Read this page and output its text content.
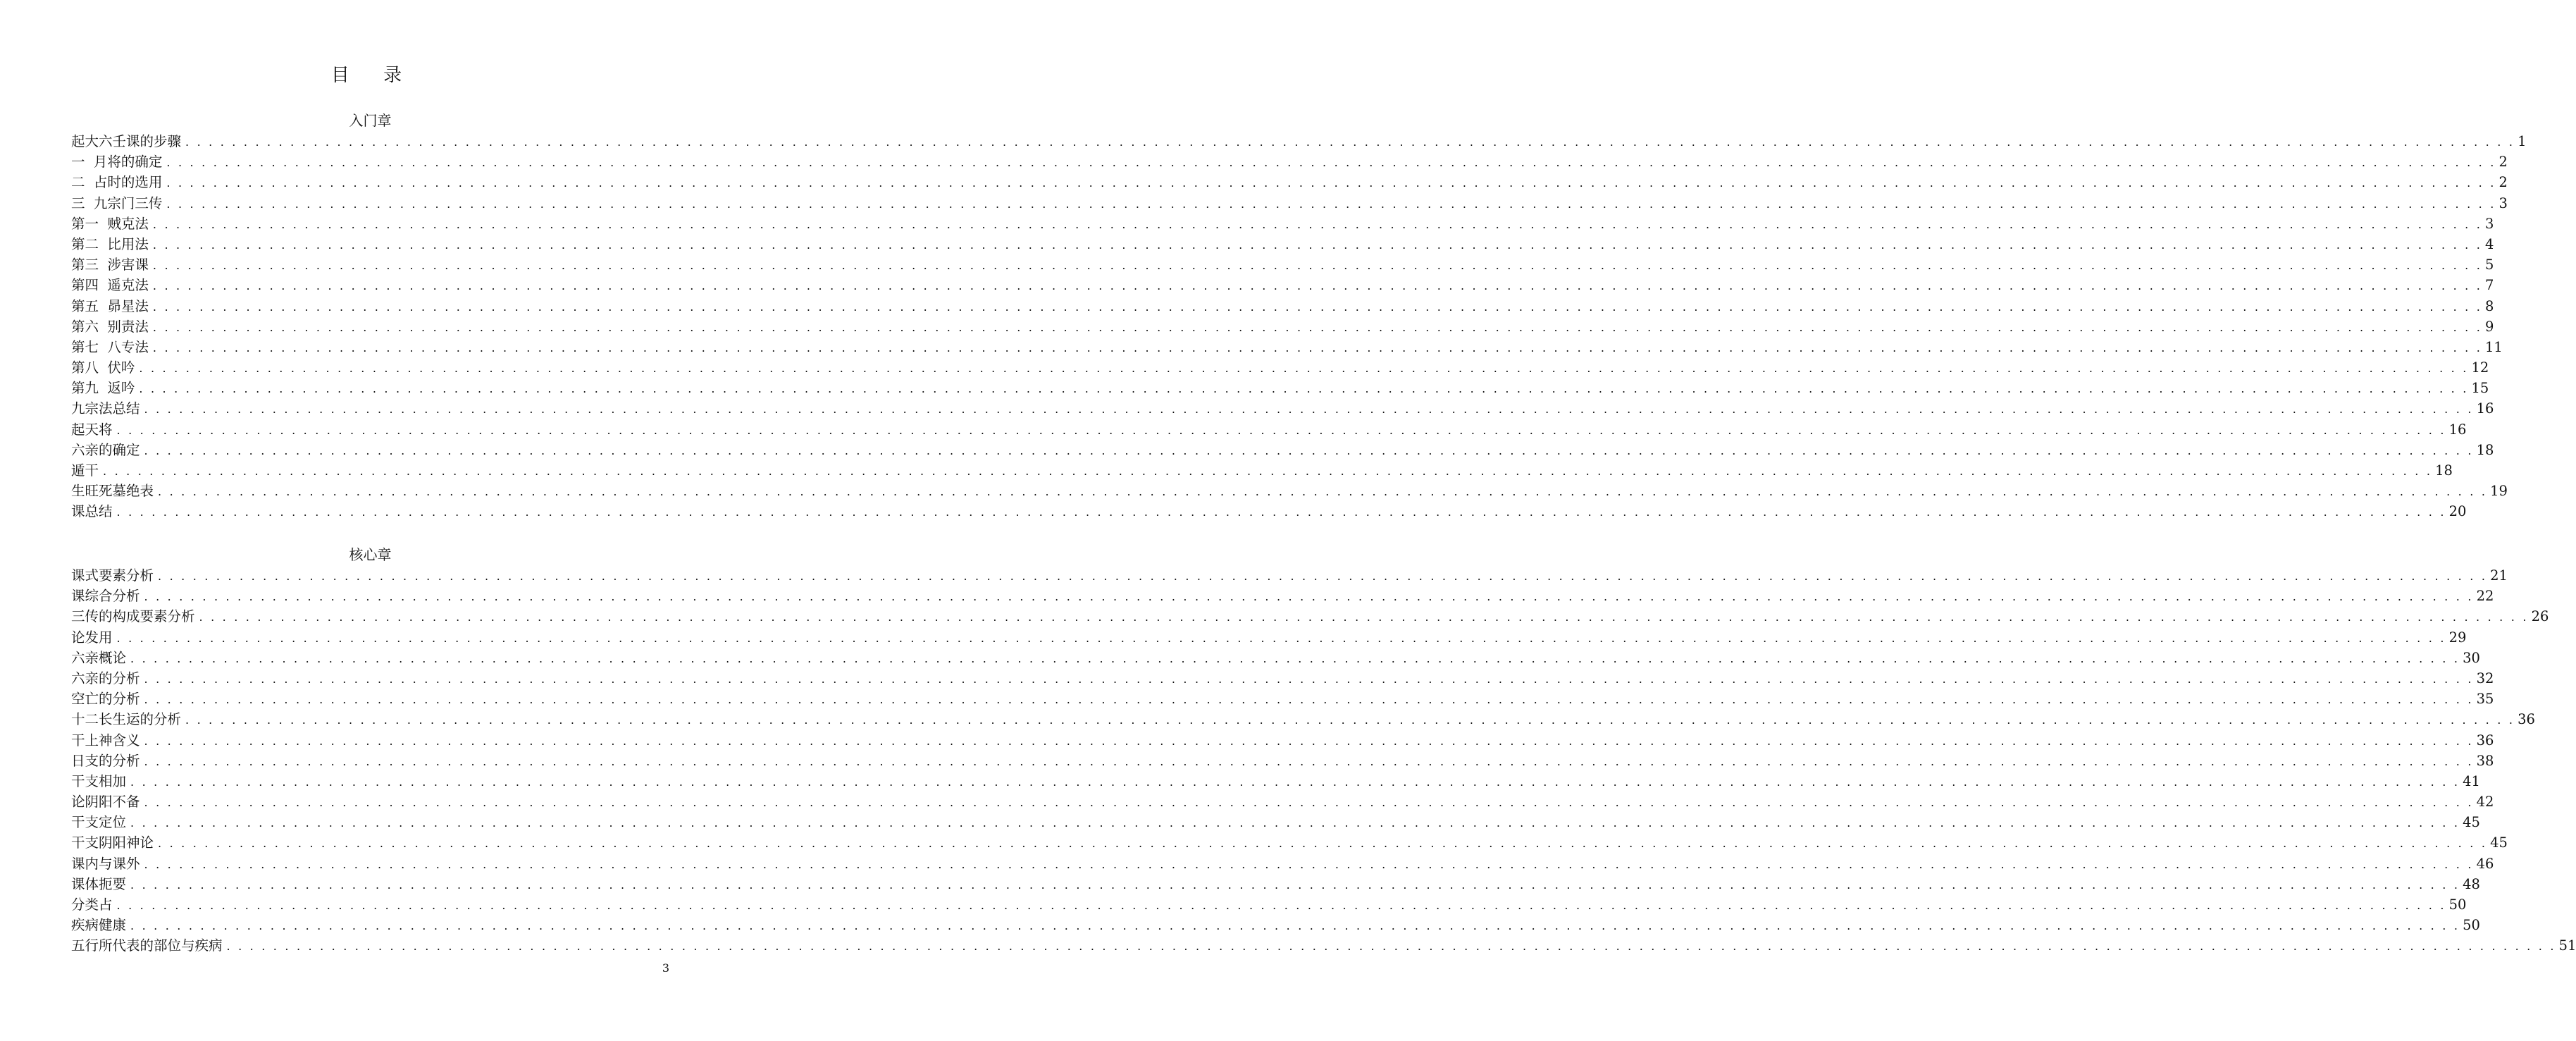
目 录
入门章
起大六壬课的步骤 . . . . . . . . . . . . . . . . . . . . . . . . . . . . . . . . . . . . . . . . . . . . . . . . . . . . . . . . . . . . . . . . . . . . . . . . . . . . . . . . . . . . . . . . . . . . . . . . . . . . . . . . . . . . . . . . . . . . . . . . . . . . . . . . . . . . . . . . . . . . . . . . . . . . . . . . . . . . . . . . . . . . . . . . . . . . . . . . . . . . . . . . . . . . . . . . . . . . . . . . 1
一  月将的确定 . . . . . . . . . . . . . . . . . . . . . . . . . . . . . . . . . . . . . . . . . . . . . . . . . . . . . . . . . . . . . . . . . . . . . . . . . . . . . . . . . . . . . . . . . . . . . . . . . . . . . . . . . . . . . . . . . . . . . . . . . . . . . . . . . . . . . . . . . . . . . . . . . . . . . . . . . . . . . . . . . . . . . . . . . . . . . . . . . . . . . . . . . . . . . . . . . . . . . . . . 2
二  占时的选用 . . . . . . . . . . . . . . . . . . . . . . . . . . . . . . . . . . . . . . . . . . . . . . . . . . . . . . . . . . . . . . . . . . . . . . . . . . . . . . . . . . . . . . . . . . . . . . . . . . . . . . . . . . . . . . . . . . . . . . . . . . . . . . . . . . . . . . . . . . . . . . . . . . . . . . . . . . . . . . . . . . . . . . . . . . . . . . . . . . . . . . . . . . . . . . . . . . . . . . . . 2
三  九宗门三传 . . . . . . . . . . . . . . . . . . . . . . . . . . . . . . . . . . . . . . . . . . . . . . . . . . . . . . . . . . . . . . . . . . . . . . . . . . . . . . . . . . . . . . . . . . . . . . . . . . . . . . . . . . . . . . . . . . . . . . . . . . . . . . . . . . . . . . . . . . . . . . . . . . . . . . . . . . . . . . . . . . . . . . . . . . . . . . . . . . . . . . . . . . . . . . . . . . . . . . . . 3
第一  贼克法 . . . . . . . . . . . . . . . . . . . . . . . . . . . . . . . . . . . . . . . . . . . . . . . . . . . . . . . . . . . . . . . . . . . . . . . . . . . . . . . . . . . . . . . . . . . . . . . . . . . . . . . . . . . . . . . . . . . . . . . . . . . . . . . . . . . . . . . . . . . . . . . . . . . . . . . . . . . . . . . . . . . . . . . . . . . . . . . . . . . . . . . . . . . . . . . . . . . . . . . . 3
第二  比用法 . . . . . . . . . . . . . . . . . . . . . . . . . . . . . . . . . . . . . . . . . . . . . . . . . . . . . . . . . . . . . . . . . . . . . . . . . . . . . . . . . . . . . . . . . . . . . . . . . . . . . . . . . . . . . . . . . . . . . . . . . . . . . . . . . . . . . . . . . . . . . . . . . . . . . . . . . . . . . . . . . . . . . . . . . . . . . . . . . . . . . . . . . . . . . . . . . . . . . . . . 4
第三  涉害课 . . . . . . . . . . . . . . . . . . . . . . . . . . . . . . . . . . . . . . . . . . . . . . . . . . . . . . . . . . . . . . . . . . . . . . . . . . . . . . . . . . . . . . . . . . . . . . . . . . . . . . . . . . . . . . . . . . . . . . . . . . . . . . . . . . . . . . . . . . . . . . . . . . . . . . . . . . . . . . . . . . . . . . . . . . . . . . . . . . . . . . . . . . . . . . . . . . . . . . . . 5
第四  遥克法 . . . . . . . . . . . . . . . . . . . . . . . . . . . . . . . . . . . . . . . . . . . . . . . . . . . . . . . . . . . . . . . . . . . . . . . . . . . . . . . . . . . . . . . . . . . . . . . . . . . . . . . . . . . . . . . . . . . . . . . . . . . . . . . . . . . . . . . . . . . . . . . . . . . . . . . . . . . . . . . . . . . . . . . . . . . . . . . . . . . . . . . . . . . . . . . . . . . . . . . . 7
第五  昴星法 . . . . . . . . . . . . . . . . . . . . . . . . . . . . . . . . . . . . . . . . . . . . . . . . . . . . . . . . . . . . . . . . . . . . . . . . . . . . . . . . . . . . . . . . . . . . . . . . . . . . . . . . . . . . . . . . . . . . . . . . . . . . . . . . . . . . . . . . . . . . . . . . . . . . . . . . . . . . . . . . . . . . . . . . . . . . . . . . . . . . . . . . . . . . . . . . . . . . . . . . 8
第六  别责法 . . . . . . . . . . . . . . . . . . . . . . . . . . . . . . . . . . . . . . . . . . . . . . . . . . . . . . . . . . . . . . . . . . . . . . . . . . . . . . . . . . . . . . . . . . . . . . . . . . . . . . . . . . . . . . . . . . . . . . . . . . . . . . . . . . . . . . . . . . . . . . . . . . . . . . . . . . . . . . . . . . . . . . . . . . . . . . . . . . . . . . . . . . . . . . . . . . . . . . . . 9
第七  八专法 . . . . . . . . . . . . . . . . . . . . . . . . . . . . . . . . . . . . . . . . . . . . . . . . . . . . . . . . . . . . . . . . . . . . . . . . . . . . . . . . . . . . . . . . . . . . . . . . . . . . . . . . . . . . . . . . . . . . . . . . . . . . . . . . . . . . . . . . . . . . . . . . . . . . . . . . . . . . . . . . . . . . . . . . . . . . . . . . . . . . . . . . . . . . . . . . . . . . . . . . 11
第八  伏吟 . . . . . . . . . . . . . . . . . . . . . . . . . . . . . . . . . . . . . . . . . . . . . . . . . . . . . . . . . . . . . . . . . . . . . . . . . . . . . . . . . . . . . . . . . . . . . . . . . . . . . . . . . . . . . . . . . . . . . . . . . . . . . . . . . . . . . . . . . . . . . . . . . . . . . . . . . . . . . . . . . . . . . . . . . . . . . . . . . . . . . . . . . . . . . . . . . . . . . . . . 12
第九  返吟 . . . . . . . . . . . . . . . . . . . . . . . . . . . . . . . . . . . . . . . . . . . . . . . . . . . . . . . . . . . . . . . . . . . . . . . . . . . . . . . . . . . . . . . . . . . . . . . . . . . . . . . . . . . . . . . . . . . . . . . . . . . . . . . . . . . . . . . . . . . . . . . . . . . . . . . . . . . . . . . . . . . . . . . . . . . . . . . . . . . . . . . . . . . . . . . . . . . . . . . . 15
九宗法总结 . . . . . . . . . . . . . . . . . . . . . . . . . . . . . . . . . . . . . . . . . . . . . . . . . . . . . . . . . . . . . . . . . . . . . . . . . . . . . . . . . . . . . . . . . . . . . . . . . . . . . . . . . . . . . . . . . . . . . . . . . . . . . . . . . . . . . . . . . . . . . . . . . . . . . . . . . . . . . . . . . . . . . . . . . . . . . . . . . . . . . . . . . . . . . . . . . . . . . . . . 16
起天将 . . . . . . . . . . . . . . . . . . . . . . . . . . . . . . . . . . . . . . . . . . . . . . . . . . . . . . . . . . . . . . . . . . . . . . . . . . . . . . . . . . . . . . . . . . . . . . . . . . . . . . . . . . . . . . . . . . . . . . . . . . . . . . . . . . . . . . . . . . . . . . . . . . . . . . . . . . . . . . . . . . . . . . . . . . . . . . . . . . . . . . . . . . . . . . . . . . . . . . . . 16
六亲的确定 . . . . . . . . . . . . . . . . . . . . . . . . . . . . . . . . . . . . . . . . . . . . . . . . . . . . . . . . . . . . . . . . . . . . . . . . . . . . . . . . . . . . . . . . . . . . . . . . . . . . . . . . . . . . . . . . . . . . . . . . . . . . . . . . . . . . . . . . . . . . . . . . . . . . . . . . . . . . . . . . . . . . . . . . . . . . . . . . . . . . . . . . . . . . . . . . . . . . . . . . 18
遁干 . . . . . . . . . . . . . . . . . . . . . . . . . . . . . . . . . . . . . . . . . . . . . . . . . . . . . . . . . . . . . . . . . . . . . . . . . . . . . . . . . . . . . . . . . . . . . . . . . . . . . . . . . . . . . . . . . . . . . . . . . . . . . . . . . . . . . . . . . . . . . . . . . . . . . . . . . . . . . . . . . . . . . . . . . . . . . . . . . . . . . . . . . . . . . . . . . . . . . . . . 18
生旺死墓绝表 . . . . . . . . . . . . . . . . . . . . . . . . . . . . . . . . . . . . . . . . . . . . . . . . . . . . . . . . . . . . . . . . . . . . . . . . . . . . . . . . . . . . . . . . . . . . . . . . . . . . . . . . . . . . . . . . . . . . . . . . . . . . . . . . . . . . . . . . . . . . . . . . . . . . . . . . . . . . . . . . . . . . . . . . . . . . . . . . . . . . . . . . . . . . . . . . . . . . . . . . 19
课总结 . . . . . . . . . . . . . . . . . . . . . . . . . . . . . . . . . . . . . . . . . . . . . . . . . . . . . . . . . . . . . . . . . . . . . . . . . . . . . . . . . . . . . . . . . . . . . . . . . . . . . . . . . . . . . . . . . . . . . . . . . . . . . . . . . . . . . . . . . . . . . . . . . . . . . . . . . . . . . . . . . . . . . . . . . . . . . . . . . . . . . . . . . . . . . . . . . . . . . . . . 20
核心章
课式要素分析 . . . . . . . . . . . . . . . . . . . . . . . . . . . . . . . . . . . . . . . . . . . . . . . . . . . . . . . . . . . . . . . . . . . . . . . . . . . . . . . . . . . . . . . . . . . . . . . . . . . . . . . . . . . . . . . . . . . . . . . . . . . . . . . . . . . . . . . . . . . . . . . . . . . . . . . . . . . . . . . . . . . . . . . . . . . . . . . . . . . . . . . . . . . . . . . . . . . . . . . . 21
课综合分析 . . . . . . . . . . . . . . . . . . . . . . . . . . . . . . . . . . . . . . . . . . . . . . . . . . . . . . . . . . . . . . . . . . . . . . . . . . . . . . . . . . . . . . . . . . . . . . . . . . . . . . . . . . . . . . . . . . . . . . . . . . . . . . . . . . . . . . . . . . . . . . . . . . . . . . . . . . . . . . . . . . . . . . . . . . . . . . . . . . . . . . . . . . . . . . . . . . . . . . . . 22
三传的构成要素分析 . . . . . . . . . . . . . . . . . . . . . . . . . . . . . . . . . . . . . . . . . . . . . . . . . . . . . . . . . . . . . . . . . . . . . . . . . . . . . . . . . . . . . . . . . . . . . . . . . . . . . . . . . . . . . . . . . . . . . . . . . . . . . . . . . . . . . . . . . . . . . . . . . . . . . . . . . . . . . . . . . . . . . . . . . . . . . . . . . . . . . . . . . . . . . . . . . . . . . . . . 26
论发用 . . . . . . . . . . . . . . . . . . . . . . . . . . . . . . . . . . . . . . . . . . . . . . . . . . . . . . . . . . . . . . . . . . . . . . . . . . . . . . . . . . . . . . . . . . . . . . . . . . . . . . . . . . . . . . . . . . . . . . . . . . . . . . . . . . . . . . . . . . . . . . . . . . . . . . . . . . . . . . . . . . . . . . . . . . . . . . . . . . . . . . . . . . . . . . . . . . . . . . . . 29
六亲概论 . . . . . . . . . . . . . . . . . . . . . . . . . . . . . . . . . . . . . . . . . . . . . . . . . . . . . . . . . . . . . . . . . . . . . . . . . . . . . . . . . . . . . . . . . . . . . . . . . . . . . . . . . . . . . . . . . . . . . . . . . . . . . . . . . . . . . . . . . . . . . . . . . . . . . . . . . . . . . . . . . . . . . . . . . . . . . . . . . . . . . . . . . . . . . . . . . . . . . . . . 30
六亲的分析 . . . . . . . . . . . . . . . . . . . . . . . . . . . . . . . . . . . . . . . . . . . . . . . . . . . . . . . . . . . . . . . . . . . . . . . . . . . . . . . . . . . . . . . . . . . . . . . . . . . . . . . . . . . . . . . . . . . . . . . . . . . . . . . . . . . . . . . . . . . . . . . . . . . . . . . . . . . . . . . . . . . . . . . . . . . . . . . . . . . . . . . . . . . . . . . . . . . . . . . . 32
空亡的分析 . . . . . . . . . . . . . . . . . . . . . . . . . . . . . . . . . . . . . . . . . . . . . . . . . . . . . . . . . . . . . . . . . . . . . . . . . . . . . . . . . . . . . . . . . . . . . . . . . . . . . . . . . . . . . . . . . . . . . . . . . . . . . . . . . . . . . . . . . . . . . . . . . . . . . . . . . . . . . . . . . . . . . . . . . . . . . . . . . . . . . . . . . . . . . . . . . . . . . . . . 35
十二长生运的分析 . . . . . . . . . . . . . . . . . . . . . . . . . . . . . . . . . . . . . . . . . . . . . . . . . . . . . . . . . . . . . . . . . . . . . . . . . . . . . . . . . . . . . . . . . . . . . . . . . . . . . . . . . . . . . . . . . . . . . . . . . . . . . . . . . . . . . . . . . . . . . . . . . . . . . . . . . . . . . . . . . . . . . . . . . . . . . . . . . . . . . . . . . . . . . . . . . . . . . . . . 36
干上神含义 . . . . . . . . . . . . . . . . . . . . . . . . . . . . . . . . . . . . . . . . . . . . . . . . . . . . . . . . . . . . . . . . . . . . . . . . . . . . . . . . . . . . . . . . . . . . . . . . . . . . . . . . . . . . . . . . . . . . . . . . . . . . . . . . . . . . . . . . . . . . . . . . . . . . . . . . . . . . . . . . . . . . . . . . . . . . . . . . . . . . . . . . . . . . . . . . . . . . . . . . 36
日支的分析 . . . . . . . . . . . . . . . . . . . . . . . . . . . . . . . . . . . . . . . . . . . . . . . . . . . . . . . . . . . . . . . . . . . . . . . . . . . . . . . . . . . . . . . . . . . . . . . . . . . . . . . . . . . . . . . . . . . . . . . . . . . . . . . . . . . . . . . . . . . . . . . . . . . . . . . . . . . . . . . . . . . . . . . . . . . . . . . . . . . . . . . . . . . . . . . . . . . . . . . . 38
干支相加 . . . . . . . . . . . . . . . . . . . . . . . . . . . . . . . . . . . . . . . . . . . . . . . . . . . . . . . . . . . . . . . . . . . . . . . . . . . . . . . . . . . . . . . . . . . . . . . . . . . . . . . . . . . . . . . . . . . . . . . . . . . . . . . . . . . . . . . . . . . . . . . . . . . . . . . . . . . . . . . . . . . . . . . . . . . . . . . . . . . . . . . . . . . . . . . . . . . . . . . . 41
论阴阳不备 . . . . . . . . . . . . . . . . . . . . . . . . . . . . . . . . . . . . . . . . . . . . . . . . . . . . . . . . . . . . . . . . . . . . . . . . . . . . . . . . . . . . . . . . . . . . . . . . . . . . . . . . . . . . . . . . . . . . . . . . . . . . . . . . . . . . . . . . . . . . . . . . . . . . . . . . . . . . . . . . . . . . . . . . . . . . . . . . . . . . . . . . . . . . . . . . . . . . . . . . 42
干支定位 . . . . . . . . . . . . . . . . . . . . . . . . . . . . . . . . . . . . . . . . . . . . . . . . . . . . . . . . . . . . . . . . . . . . . . . . . . . . . . . . . . . . . . . . . . . . . . . . . . . . . . . . . . . . . . . . . . . . . . . . . . . . . . . . . . . . . . . . . . . . . . . . . . . . . . . . . . . . . . . . . . . . . . . . . . . . . . . . . . . . . . . . . . . . . . . . . . . . . . . . 45
干支阴阳神论 . . . . . . . . . . . . . . . . . . . . . . . . . . . . . . . . . . . . . . . . . . . . . . . . . . . . . . . . . . . . . . . . . . . . . . . . . . . . . . . . . . . . . . . . . . . . . . . . . . . . . . . . . . . . . . . . . . . . . . . . . . . . . . . . . . . . . . . . . . . . . . . . . . . . . . . . . . . . . . . . . . . . . . . . . . . . . . . . . . . . . . . . . . . . . . . . . . . . . . . . 45
课内与课外 . . . . . . . . . . . . . . . . . . . . . . . . . . . . . . . . . . . . . . . . . . . . . . . . . . . . . . . . . . . . . . . . . . . . . . . . . . . . . . . . . . . . . . . . . . . . . . . . . . . . . . . . . . . . . . . . . . . . . . . . . . . . . . . . . . . . . . . . . . . . . . . . . . . . . . . . . . . . . . . . . . . . . . . . . . . . . . . . . . . . . . . . . . . . . . . . . . . . . . . . 46
课体扼要 . . . . . . . . . . . . . . . . . . . . . . . . . . . . . . . . . . . . . . . . . . . . . . . . . . . . . . . . . . . . . . . . . . . . . . . . . . . . . . . . . . . . . . . . . . . . . . . . . . . . . . . . . . . . . . . . . . . . . . . . . . . . . . . . . . . . . . . . . . . . . . . . . . . . . . . . . . . . . . . . . . . . . . . . . . . . . . . . . . . . . . . . . . . . . . . . . . . . . . . . 48
分类占 . . . . . . . . . . . . . . . . . . . . . . . . . . . . . . . . . . . . . . . . . . . . . . . . . . . . . . . . . . . . . . . . . . . . . . . . . . . . . . . . . . . . . . . . . . . . . . . . . . . . . . . . . . . . . . . . . . . . . . . . . . . . . . . . . . . . . . . . . . . . . . . . . . . . . . . . . . . . . . . . . . . . . . . . . . . . . . . . . . . . . . . . . . . . . . . . . . . . . . . . 50
疾病健康 . . . . . . . . . . . . . . . . . . . . . . . . . . . . . . . . . . . . . . . . . . . . . . . . . . . . . . . . . . . . . . . . . . . . . . . . . . . . . . . . . . . . . . . . . . . . . . . . . . . . . . . . . . . . . . . . . . . . . . . . . . . . . . . . . . . . . . . . . . . . . . . . . . . . . . . . . . . . . . . . . . . . . . . . . . . . . . . . . . . . . . . . . . . . . . . . . . . . . . . . 50
五行所代表的部位与疾病 . . . . . . . . . . . . . . . . . . . . . . . . . . . . . . . . . . . . . . . . . . . . . . . . . . . . . . . . . . . . . . . . . . . . . . . . . . . . . . . . . . . . . . . . . . . . . . . . . . . . . . . . . . . . . . . . . . . . . . . . . . . . . . . . . . . . . . . . . . . . . . . . . . . . . . . . . . . . . . . . . . . . . . . . . . . . . . . . . . . . . . . . . . . . . . . . . . . . . . . . 51
3
